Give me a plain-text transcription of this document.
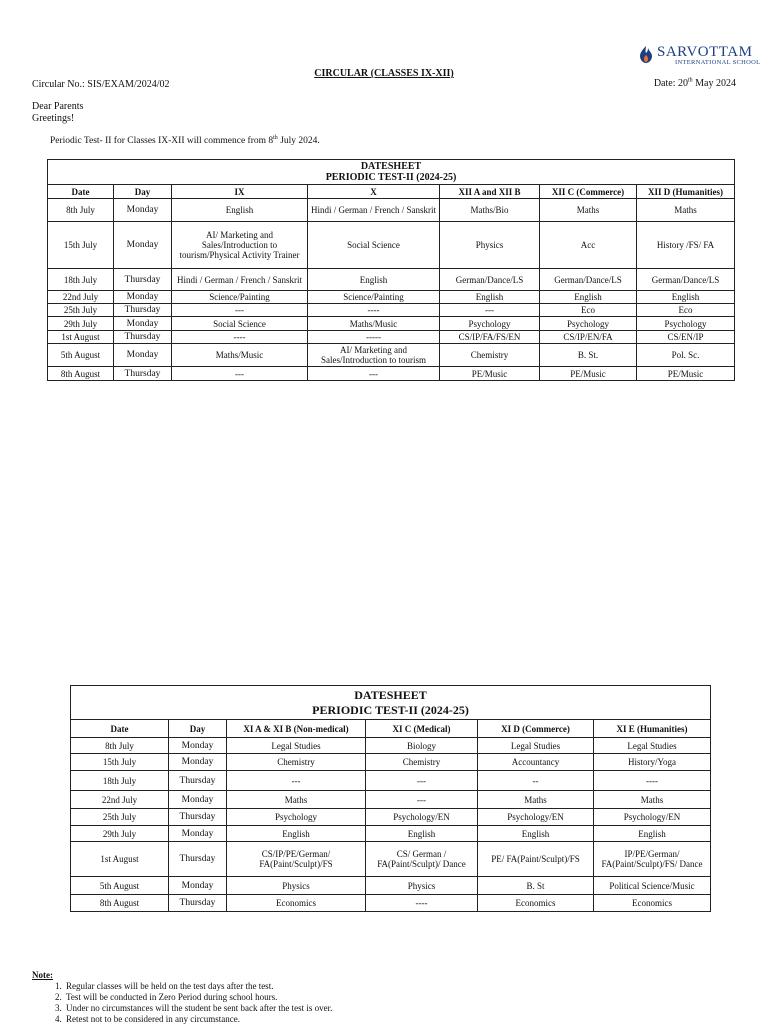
SARVOTTAM
INTERNATIONAL SCHOOL
CIRCULAR (CLASSES IX-XII)
Circular No.: SIS/EXAM/2024/02	Date: 20th May 2024
Dear Parents
Greetings!
Periodic Test- II for Classes IX-XII will commence from 8th July 2024.
DATESHEET
PERIODIC TEST-II (2024-25)						

Date	Day	IX	X	XII A and XII B	XII C (Commerce)	XII D (Humanities)
8th July	Monday	English	Hindi / German / French / Sanskrit	Maths/Bio	Maths	Maths
15th July	Monday	AI/ Marketing and Sales/Introduction to tourism/Physical Activity Trainer	Social Science	Physics	Acc	History /FS/ FA
18th July	Thursday	Hindi / German / French / Sanskrit	English	German/Dance/LS	German/Dance/LS	German/Dance/LS
22nd July	Monday	Science/Painting	Science/Painting	English	English	English
25th July	Thursday	---	----	---	Eco	Eco
29th July	Monday	Social Science	Maths/Music	Psychology	Psychology	Psychology
1st August	Thursday	----	-----	CS/IP/FA/FS/EN	CS/IP/EN/FA	CS/EN/IP
5th August	Monday	Maths/Music	AI/ Marketing and Sales/Introduction to tourism	Chemistry	B. St.	Pol. Sc.
8th August	Thursday	---	---	PE/Music	PE/Music	PE/Music
DATESHEET
PERIODIC TEST-II (2024-25)					

Date	Day	XI A & XI B (Non-medical)	XI C (Medical)	XI D (Commerce)	XI E (Humanities)
8th July	Monday	Legal Studies	Biology	Legal Studies	Legal Studies
15th July	Monday	Chemistry	Chemistry	Accountancy	History/Yoga
18th July	Thursday	---	---	--	----
22nd July	Monday	Maths	---	Maths	Maths
25th July	Thursday	Psychology	Psychology/EN	Psychology/EN	Psychology/EN
29th July	Monday	English	English	English	English
1st August	Thursday	CS/IP/PE/German/ FA(Paint/Sculpt)/FS	CS/ German / FA(Paint/Sculpt)/ Dance	PE/ FA(Paint/Sculpt)/FS	IP/PE/German/ FA(Paint/Sculpt)/FS/ Dance
5th August	Monday	Physics	Physics	B. St	Political Science/Music
8th August	Thursday	Economics	----	Economics	Economics
Note:
1. Regular classes will be held on the test days after the test.
2. Test will be conducted in Zero Period during school hours.
3. Under no circumstances will the student be sent back after the test is over.
4. Retest not to be considered in any circumstance.
